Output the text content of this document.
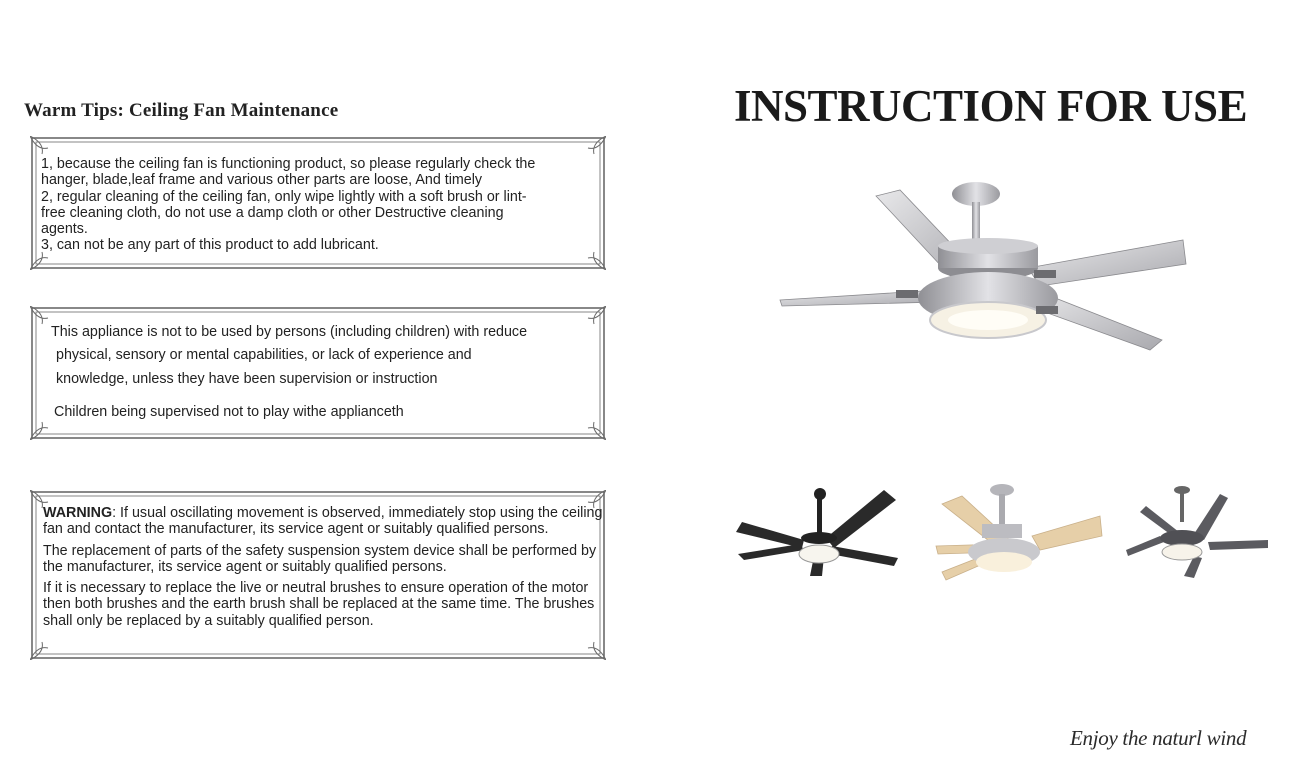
Warm Tips: Ceiling Fan Maintenance
1, because the ceiling fan is functioning product, so please regularly check the
hanger, blade,leaf frame and various other parts are loose, And timely
2, regular cleaning of the ceiling fan, only wipe lightly with a soft brush or lint-
free cleaning cloth, do not use a damp cloth or other Destructive cleaning
agents.
3, can not be any part of this product to add lubricant.
This appliance is not to be used by persons (including children) with reduce
physical, sensory or mental capabilities, or lack of experience and
knowledge, unless they have been supervision or instruction
Children being supervised not to play withe applianceth

WARNING: If usual oscillating movement is observed, immediately stop using the ceiling fan and contact the manufacturer, its service agent or suitably qualified persons.

The replacement of parts of the safety suspension system device shall be performed by the manufacturer, its service agent or suitably qualified persons.

If it is necessary to replace the live or neutral brushes to ensure operation of the motor then both brushes and the earth brush shall be replaced at the same time. The brushes shall only be replaced by a suitably qualified person.

INSTRUCTION FOR USE
Enjoy the naturl wind
